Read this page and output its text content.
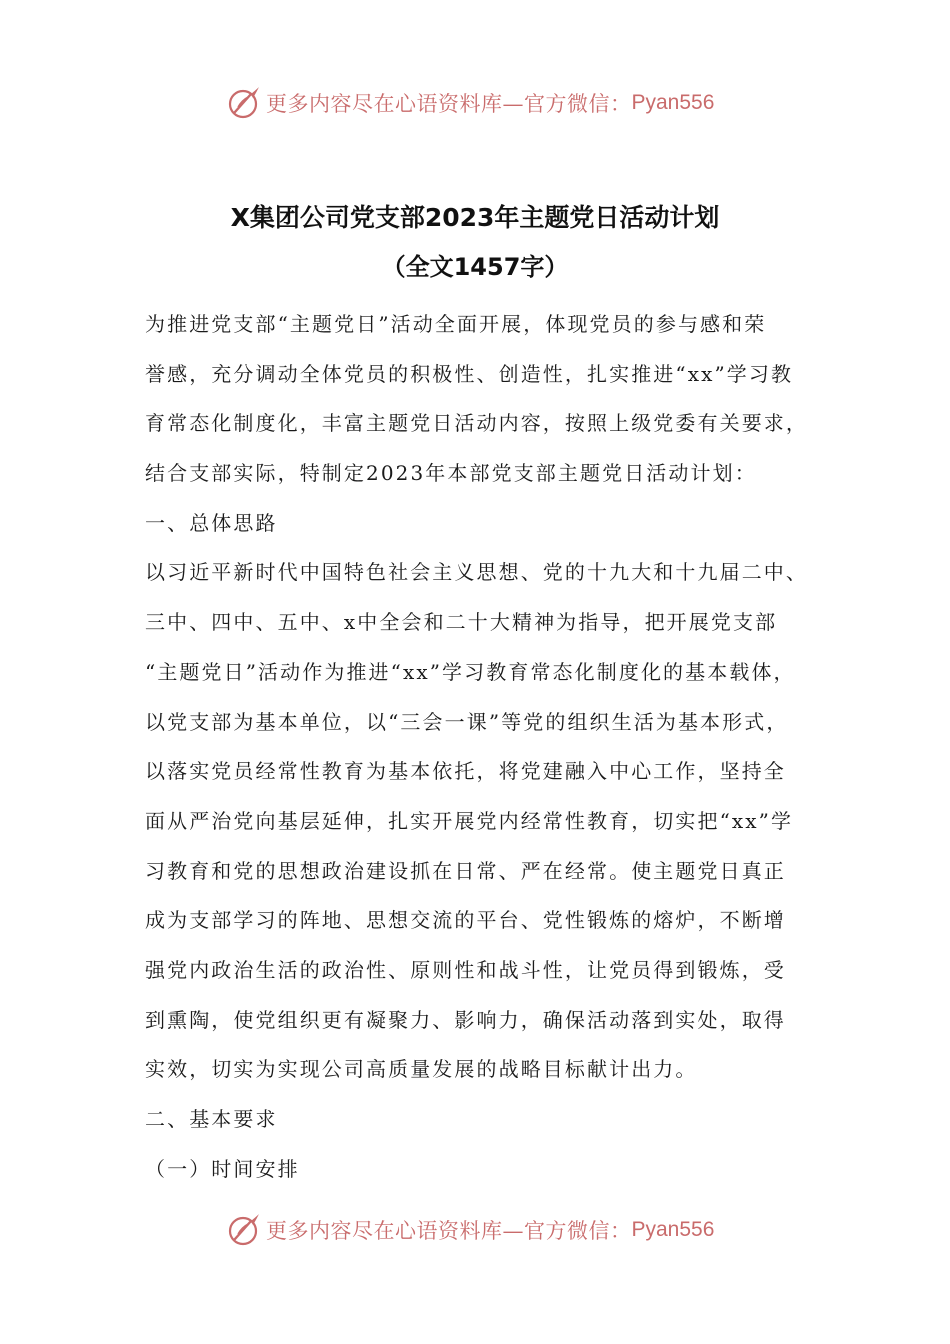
更多内容尽在心语资料库—官方微信： Pyan556
X集团公司党支部2023年主题党日活动计划
（全文1457字）
为推进党支部“主题党日”活动全面开展，体现党员的参与感和荣
誉感，充分调动全体党员的积极性、创造性，扎实推进“xx”学习教
育常态化制度化，丰富主题党日活动内容，按照上级党委有关要求，
结合支部实际，特制定2023年本部党支部主题党日活动计划：
一、总体思路
以习近平新时代中国特色社会主义思想、党的十九大和十九届二中、
三中、四中、五中、x中全会和二十大精神为指导，把开展党支部
“主题党日”活动作为推进“xx”学习教育常态化制度化的基本载体，
以党支部为基本单位，以“三会一课”等党的组织生活为基本形式，
以落实党员经常性教育为基本依托，将党建融入中心工作，坚持全
面从严治党向基层延伸，扎实开展党内经常性教育，切实把“xx”学
习教育和党的思想政治建设抓在日常、严在经常。使主题党日真正
成为支部学习的阵地、思想交流的平台、党性锻炼的熔炉，不断增
强党内政治生活的政治性、原则性和战斗性，让党员得到锻炼，受
到熏陶，使党组织更有凝聚力、影响力，确保活动落到实处，取得
实效，切实为实现公司高质量发展的战略目标献计出力。
二、基本要求
（一）时间安排
更多内容尽在心语资料库—官方微信： Pyan556
